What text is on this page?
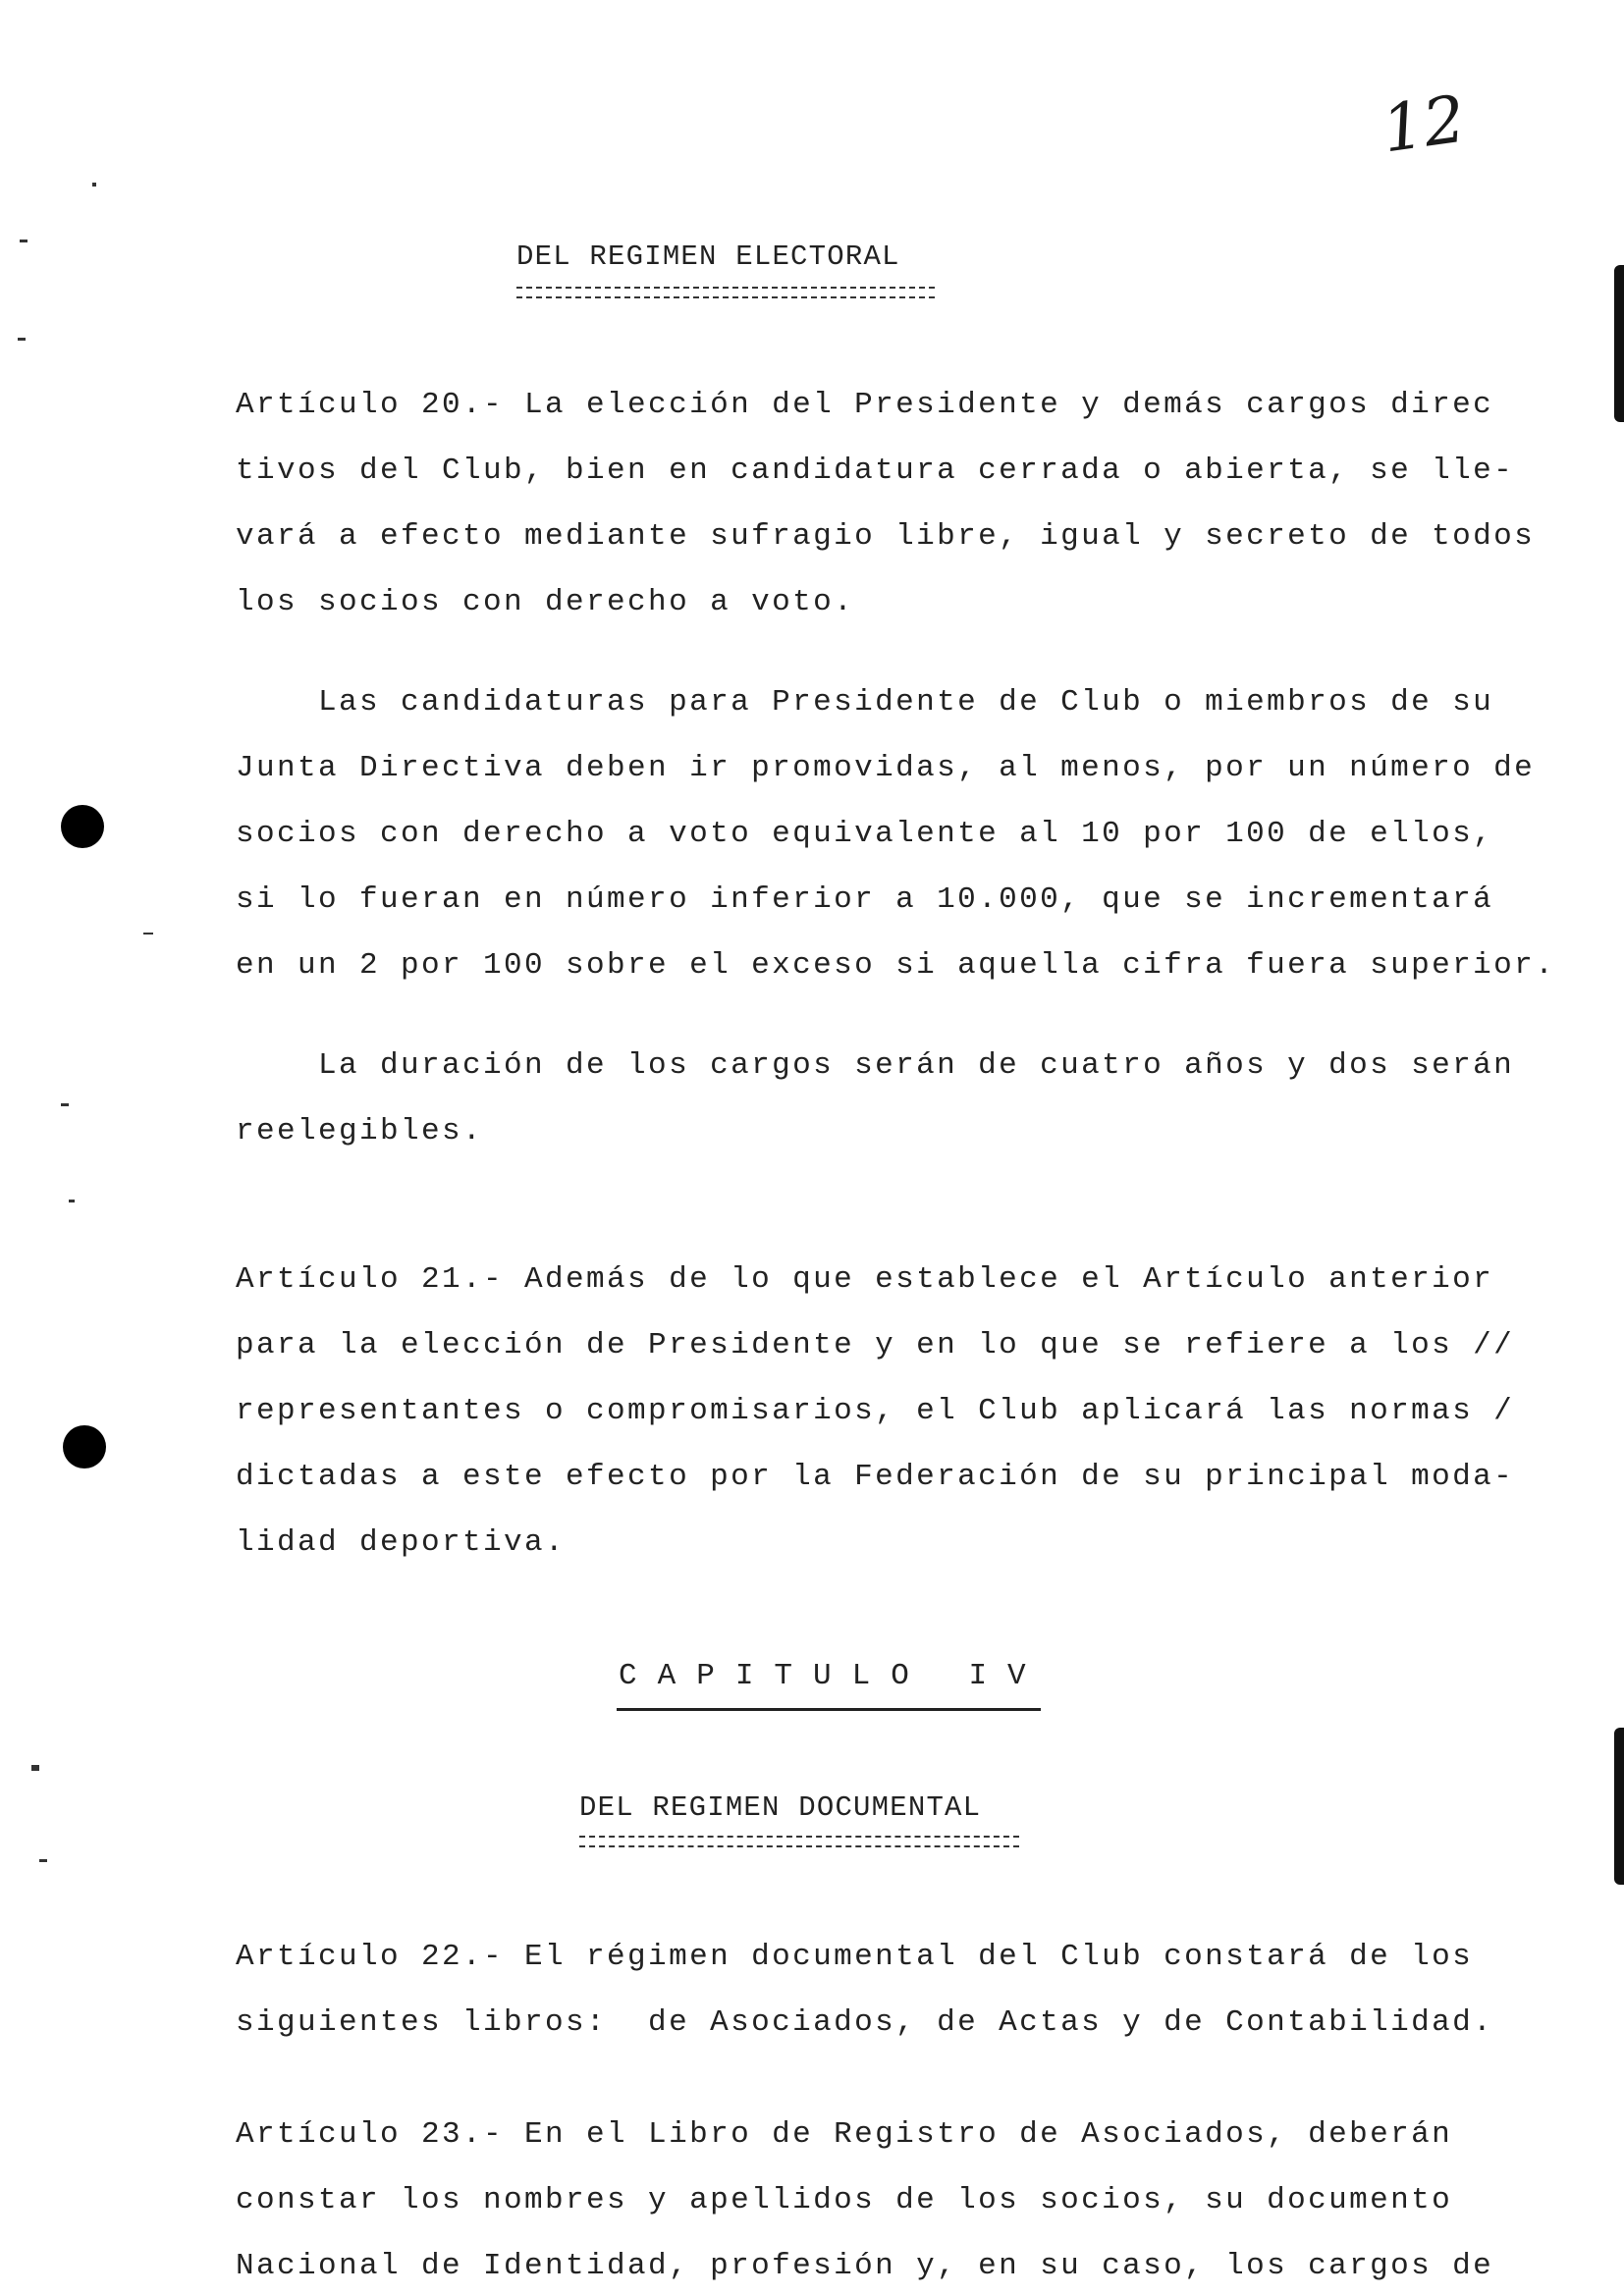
12
DEL REGIMEN ELECTORAL
Artículo 20.- La elección del Presidente y demás cargos direc
tivos del Club, bien en candidatura cerrada o abierta, se lle-
vará a efecto mediante sufragio libre, igual y secreto de todos
los socios con derecho a voto.
Las candidaturas para Presidente de Club o miembros de su
Junta Directiva deben ir promovidas, al menos, por un número de
socios con derecho a voto equivalente al 10 por 100 de ellos,
si lo fueran en número inferior a 10.000, que se incrementará
en un 2 por 100 sobre el exceso si aquella cifra fuera superior.
La duración de los cargos serán de cuatro años y dos serán
reelegibles.
Artículo 21.- Además de lo que establece el Artículo anterior
para la elección de Presidente y en lo que se refiere a los //
representantes o compromisarios, el Club aplicará las normas /
dictadas a este efecto por la Federación de su principal moda-
lidad deportiva.
C A P I T U L O   I V
DEL REGIMEN DOCUMENTAL
Artículo 22.- El régimen documental del Club constará de los
siguientes libros:  de Asociados, de Actas y de Contabilidad.
Artículo 23.- En el Libro de Registro de Asociados, deberán
constar los nombres y apellidos de los socios, su documento
Nacional de Identidad, profesión y, en su caso, los cargos de
